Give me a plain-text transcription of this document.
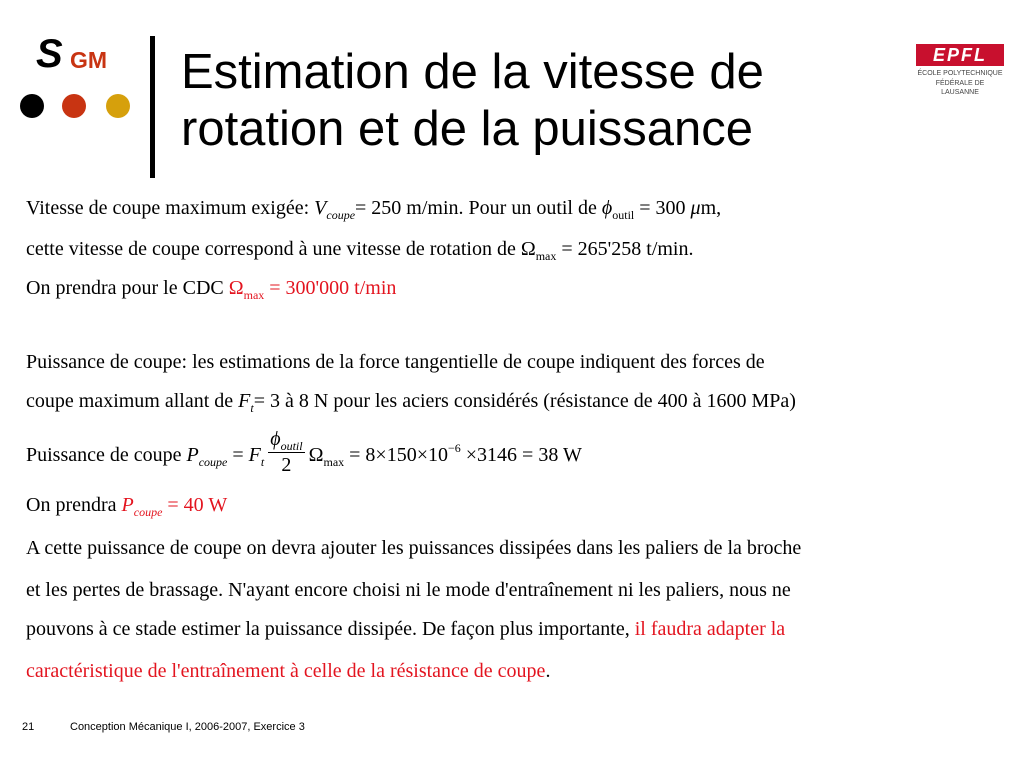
S GM Estimation de la vitesse de
rotation et de la puissance
EPFL
ÉCOLE POLYTECHNIQUE
FÉDÉRALE DE LAUSANNE
Vitesse de coupe maximum exigée: $V_{coupe}= 250$ m/min. Pour un outil de $\phi_{outil} = 300$ μm,
cette vitesse de coupe correspond à une vitesse de rotation de $\Omega_{max} = 265'258$ t/min.
On prendra pour le CDC $\Omega_{max} = 300'000$ t/min
Puissance de coupe: les estimations de la force tangentielle de coupe indiquent des forces de
coupe maximum allant de $F_t= 3$ à 8 N pour les aciers considérés (résistance de 400 à 1600 MPa)
Puissance de coupe $P_{coupe} = F_t \frac{\phi_{outil}}{2} \Omega_{max} = 8\times 150\times 10^{-6} \times 3146 = 38$ W
On prendra $P_{coupe} = 40$ W
A cette puissance de coupe on devra ajouter les puissances dissipées dans les paliers de la broche
et les pertes de brassage. N'ayant encore choisi ni le mode d'entraînement ni les paliers, nous ne
pouvons à ce stade estimer la puissance dissipée. De façon plus importante, il faudra adapter la
caractéristique de l'entraînement à celle de la résistance de coupe.
21	Conception Mécanique I, 2006-2007, Exercice 3
